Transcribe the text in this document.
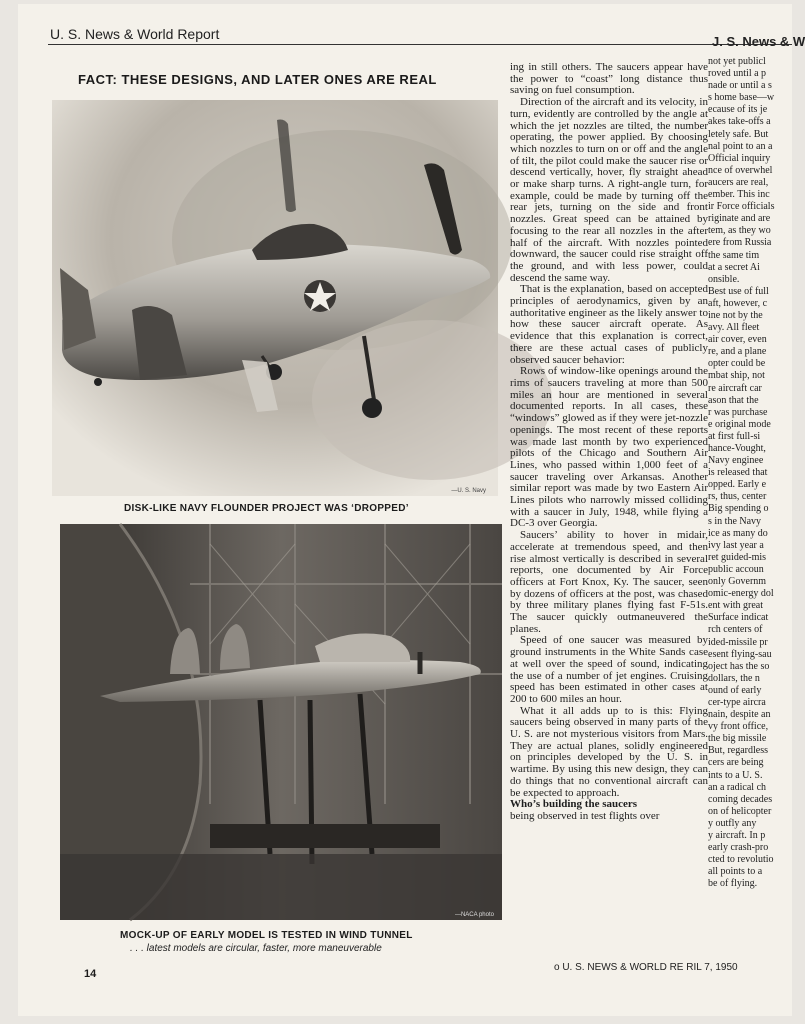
U. S. News & World Report	J. S. News & W
FACT: THESE DESIGNS, AND LATER ONES ARE REAL
—U. S. Navy
DISK-LIKE NAVY FLOUNDER PROJECT WAS ‘DROPPED’
—NACA photo
MOCK-UP OF EARLY MODEL IS TESTED IN WIND TUNNEL
. . . latest models are circular, faster, more maneuverable
14

ing in still others. The saucers appear have the power to “coast” long distance thus saving on fuel consumption.

Direction of the aircraft and its velocity, in turn, evidently are controlled by the angle at which the jet nozzles are tilted, the number operating, the power applied. By choosing which nozzles to turn on or off and the angle of tilt, the pilot could make the saucer rise or descend vertically, hover, fly straight ahead or make sharp turns. A right-angle turn, for example, could be made by turning off the rear jets, turning on the side and front nozzles. Great speed can be attained by focusing to the rear all nozzles in the after half of the aircraft. With nozzles pointed downward, the saucer could rise straight off the ground, and with less power, could descend the same way.

That is the explanation, based on accepted principles of aerodynamics, given by an authoritative engineer as the likely answer to how these saucer aircraft operate. As evidence that this explanation is correct, there are these actual cases of publicly observed saucer behavior:

Rows of window-like openings around the rims of saucers traveling at more than 500 miles an hour are mentioned in several documented reports. In all cases, these “windows” glowed as if they were jet-nozzle openings. The most recent of these reports was made last month by two experienced pilots of the Chicago and Southern Air Lines, who passed within 1,000 feet of a saucer traveling over Arkansas. Another similar report was made by two Eastern Air Lines pilots who narrowly missed colliding with a saucer in July, 1948, while flying a DC-3 over Georgia.

Saucers’ ability to hover in midair, accelerate at tremendous speed, and then rise almost vertically is described in several reports, one documented by Air Force officers at Fort Knox, Ky. The saucer, seen by dozens of officers at the post, was chased by three military planes flying fast F-51s. The saucer quickly outmaneuvered the planes.

Speed of one saucer was measured by ground instruments in the White Sands case at well over the speed of sound, indicating the use of a number of jet engines. Cruising speed has been estimated in other cases at 200 to 600 miles an hour.

What it all adds up to is this: Flying saucers being observed in many parts of the U. S. are not mysterious visitors from Mars. They are actual planes, solidly engineered on principles developed by the U. S. in wartime. By using this new design, they can do things that no conventional aircraft can be expected to approach.

Who’s building the saucers
being observed in test flights over

not yet publicl
roved until a p
nade or until a s
s home base—w
ecause of its je
akes take-offs a
letely safe. But
nal point to an a
Official inquiry
nce of overwhel
aucers are real,
ember. This inc
ir Force officials
riginate and are
tem, as they wo
ere from Russia
the same tim
at a secret Ai
onsible.
Best use of full
aft, however, c
ine not by the
avy. All fleet
air cover, even
re, and a plane
opter could be
mbat ship, not
re aircraft car
ason that the
r was purchase
e original mode
at first full-si
hance-Vought,
Navy enginee
is released that
opped. Early e
rs, thus, center
Big spending o
s in the Navy
ice as many do
ivy last year a
ret guided-mis
public accoun
only Governm
omic-energy dol
ent with great
Surface indicat
rch centers of
ided-missile pr
esent flying-sau
oject has the so
dollars, the n
ound of early
cer-type aircra
nain, despite an
vy front office,
the big missile
But, regardless
cers are being
ints to a U. S.
an a radical ch
coming decades
on of helicopter
y outfly any
y aircraft. In p
early crash-pro
cted to revolutio
all points to a
be of flying.
o U. S. NEWS & WORLD RE RIL 7, 1950
